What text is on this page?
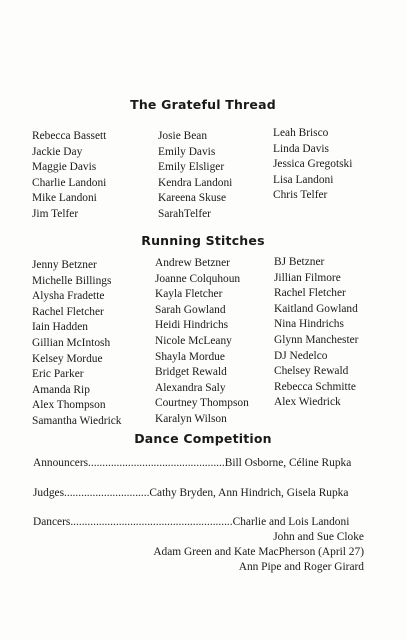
The Grateful Thread
Rebecca Bassett
Jackie Day
Maggie Davis
Charlie Landoni
Mike Landoni
Jim Telfer
Josie Bean
Emily Davis
Emily Elsliger
Kendra Landoni
Kareena Skuse
SarahTelfer
Leah Brisco
Linda Davis
Jessica Gregotski
Lisa Landoni
Chris Telfer
Running Stitches
Jenny Betzner
Michelle Billings
Alysha Fradette
Rachel Fletcher
Iain Hadden
Gillian McIntosh
Kelsey Mordue
Eric Parker
Amanda Rip
Alex Thompson
Samantha Wiedrick
Andrew Betzner
Joanne Colquhoun
Kayla Fletcher
Sarah Gowland
Heidi Hindrichs
Nicole McLeany
Shayla Mordue
Bridget Rewald
Alexandra Saly
Courtney Thompson
Karalyn Wilson
BJ Betzner
Jillian Filmore
Rachel Fletcher
Kaitland Gowland
Nina Hindrichs
Glynn Manchester
DJ Nedelco
Chelsey Rewald
Rebecca Schmitte
Alex Wiedrick
Dance Competition
Announcers................................................Bill Osborne, Céline Rupka
Judges..............................Cathy Bryden, Ann Hindrich, Gisela Rupka
Dancers.........................................................Charlie and Lois Landoni
John and Sue Cloke
Adam Green and Kate MacPherson (April 27)
Ann Pipe and Roger Girard
